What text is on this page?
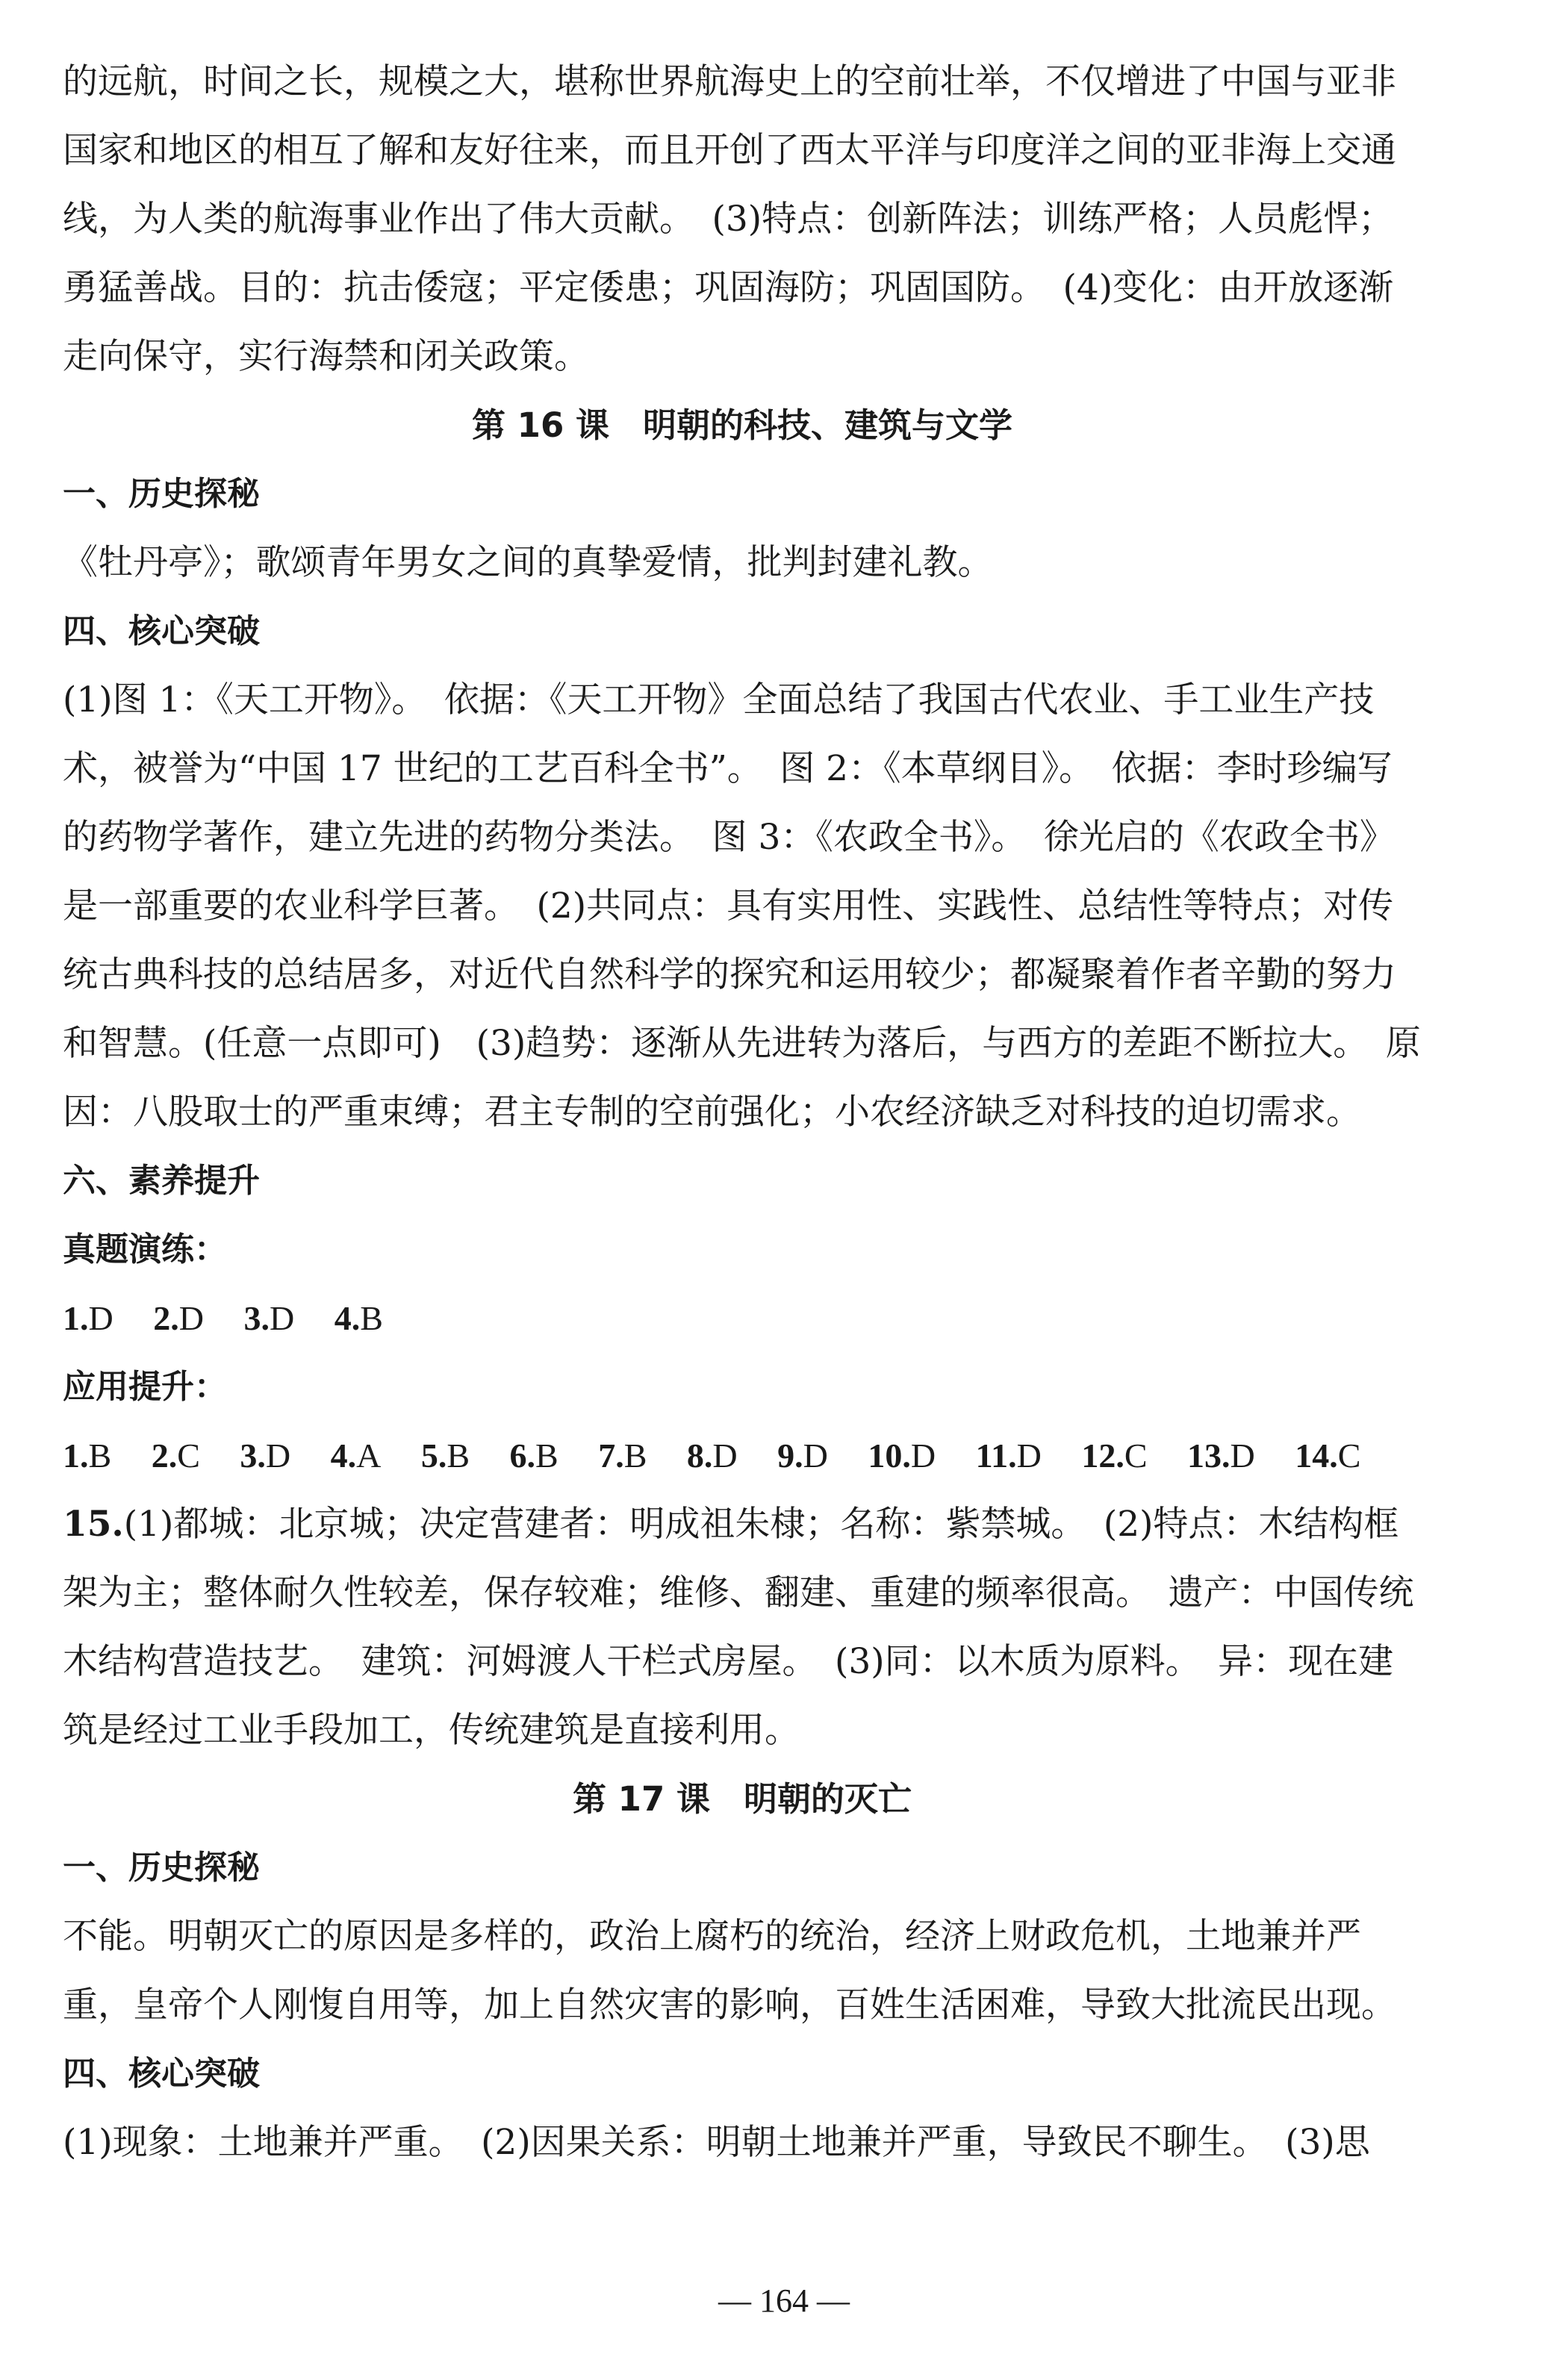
的远航，时间之长，规模之大，堪称世界航海史上的空前壮举，不仅增进了中国与亚非国家和地区的相互了解和友好往来，而且开创了西太平洋与印度洋之间的亚非海上交通线，为人类的航海事业作出了伟大贡献。　(3)特点：创新阵法；训练严格；人员彪悍；勇猛善战。目的：抗击倭寇；平定倭患；巩固海防；巩固国防。　(4)变化：由开放逐渐走向保守，实行海禁和闭关政策。

第 16 课　明朝的科技、建筑与文学
一、历史探秘

《牡丹亭》；歌颂青年男女之间的真挚爱情，批判封建礼教。

四、核心突破

(1)图 1：《天工开物》。　依据：《天工开物》全面总结了我国古代农业、手工业生产技术，被誉为“中国 17 世纪的工艺百科全书”。　图 2：《本草纲目》。　依据：李时珍编写的药物学著作，建立先进的药物分类法。　图 3：《农政全书》。　徐光启的《农政全书》是一部重要的农业科学巨著。　(2)共同点：具有实用性、实践性、总结性等特点；对传统古典科技的总结居多，对近代自然科学的探究和运用较少；都凝聚着作者辛勤的努力和智慧。(任意一点即可)　(3)趋势：逐渐从先进转为落后，与西方的差距不断拉大。　原因：八股取士的严重束缚；君主专制的空前强化；小农经济缺乏对科技的迫切需求。

六、素养提升
真题演练：
1.D 2.D 3.D 4.B
应用提升：
1.B 2.C 3.D 4.A 5.B 6.B 7.B 8.D 9.D 10.D 11.D 12.C 13.D 14.C

15.(1)都城：北京城；决定营建者：明成祖朱棣；名称：紫禁城。　(2)特点：木结构框架为主；整体耐久性较差，保存较难；维修、翻建、重建的频率很高。　遗产：中国传统木结构营造技艺。　建筑：河姆渡人干栏式房屋。　(3)同：以木质为原料。　异：现在建筑是经过工业手段加工，传统建筑是直接利用。

第 17 课　明朝的灭亡
一、历史探秘

不能。明朝灭亡的原因是多样的，政治上腐朽的统治，经济上财政危机，土地兼并严重，皇帝个人刚愎自用等，加上自然灾害的影响，百姓生活困难，导致大批流民出现。

四、核心突破

(1)现象：土地兼并严重。　(2)因果关系：明朝土地兼并严重，导致民不聊生。　(3)思

— 164 —
